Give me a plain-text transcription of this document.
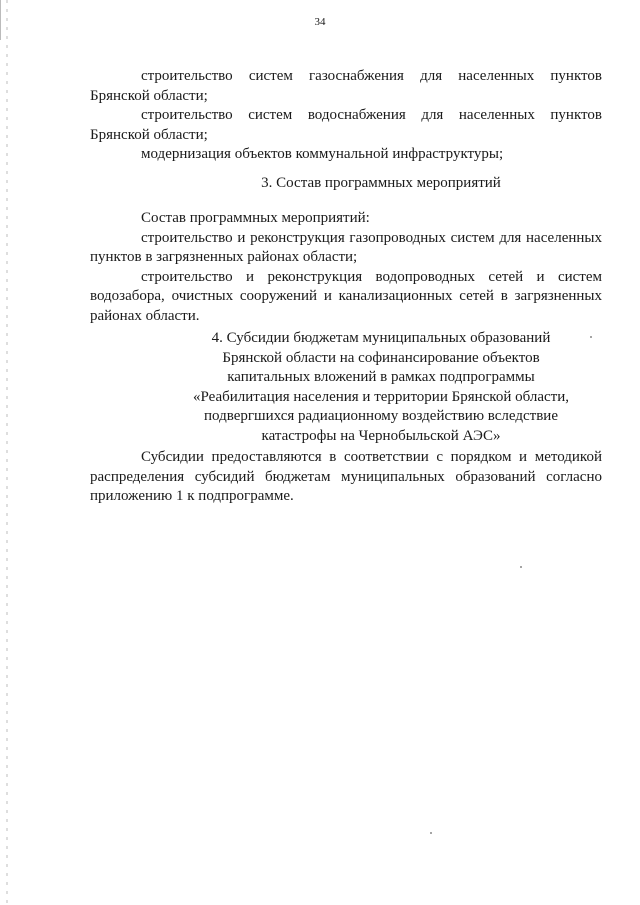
34

строительство систем газоснабжения для населенных пунктов Брянской области;

строительство систем водоснабжения для населенных пунктов Брянской области;

модернизация объектов коммунальной инфраструктуры;

3. Состав программных мероприятий

Состав программных мероприятий:

строительство и реконструкция газопроводных систем для населенных пунктов в загрязненных районах области;

строительство и реконструкция водопроводных сетей и систем водозабора, очистных сооружений и канализационных сетей в загрязненных районах области.

4. Субсидии бюджетам муниципальных образований
Брянской области на софинансирование объектов
капитальных вложений в рамках подпрограммы
«Реабилитация населения и территории Брянской области,
подвергшихся радиационному воздействию вследствие
катастрофы на Чернобыльской АЭС»

Субсидии предоставляются в соответствии с порядком и методикой распределения субсидий бюджетам муниципальных образований согласно приложению 1 к подпрограмме.
